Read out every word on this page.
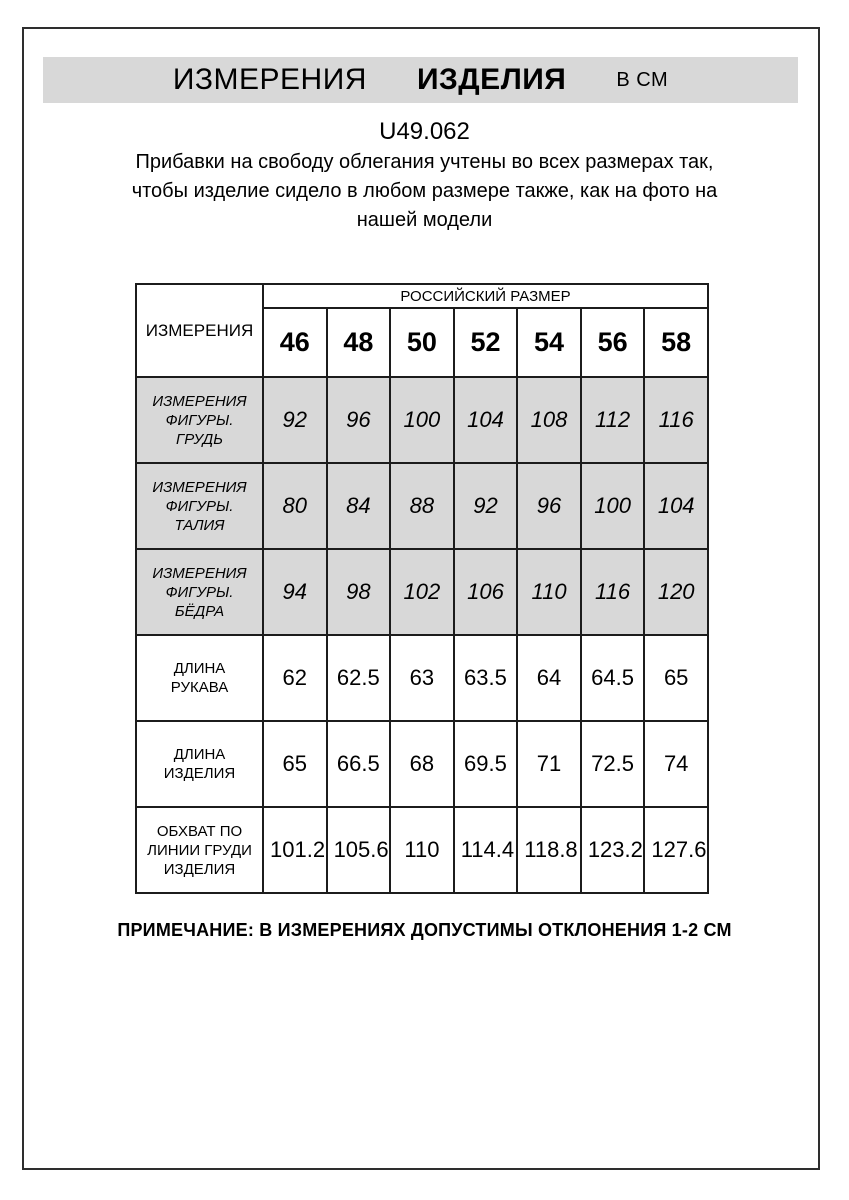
ИЗМЕРЕНИЯ ИЗДЕЛИЯ	В СМ
U49.062
Прибавки на свободу облегания учтены во всех размерах так,
чтобы изделие сидело в любом размере также, как на фото на
нашей модели
ИЗМЕРЕНИЯ	РОССИЙСКИЙ РАЗМЕР						
	46	48	50	52	54	56	58
ИЗМЕРЕНИЯ ФИГУРЫ. ГРУДЬ	92	96	100	104	108	112	116
ИЗМЕРЕНИЯ ФИГУРЫ. ТАЛИЯ	80	84	88	92	96	100	104
ИЗМЕРЕНИЯ ФИГУРЫ. БЁДРА	94	98	102	106	110	116	120
ДЛИНА РУКАВА	62	62.5	63	63.5	64	64.5	65
ДЛИНА ИЗДЕЛИЯ	65	66.5	68	69.5	71	72.5	74
ОБХВАТ ПО ЛИНИИ ГРУДИ ИЗДЕЛИЯ	101.2	105.6	110	114.4	118.8	123.2	127.6
ПРИМЕЧАНИЕ: В ИЗМЕРЕНИЯХ ДОПУСТИМЫ ОТКЛОНЕНИЯ 1-2 СМ
